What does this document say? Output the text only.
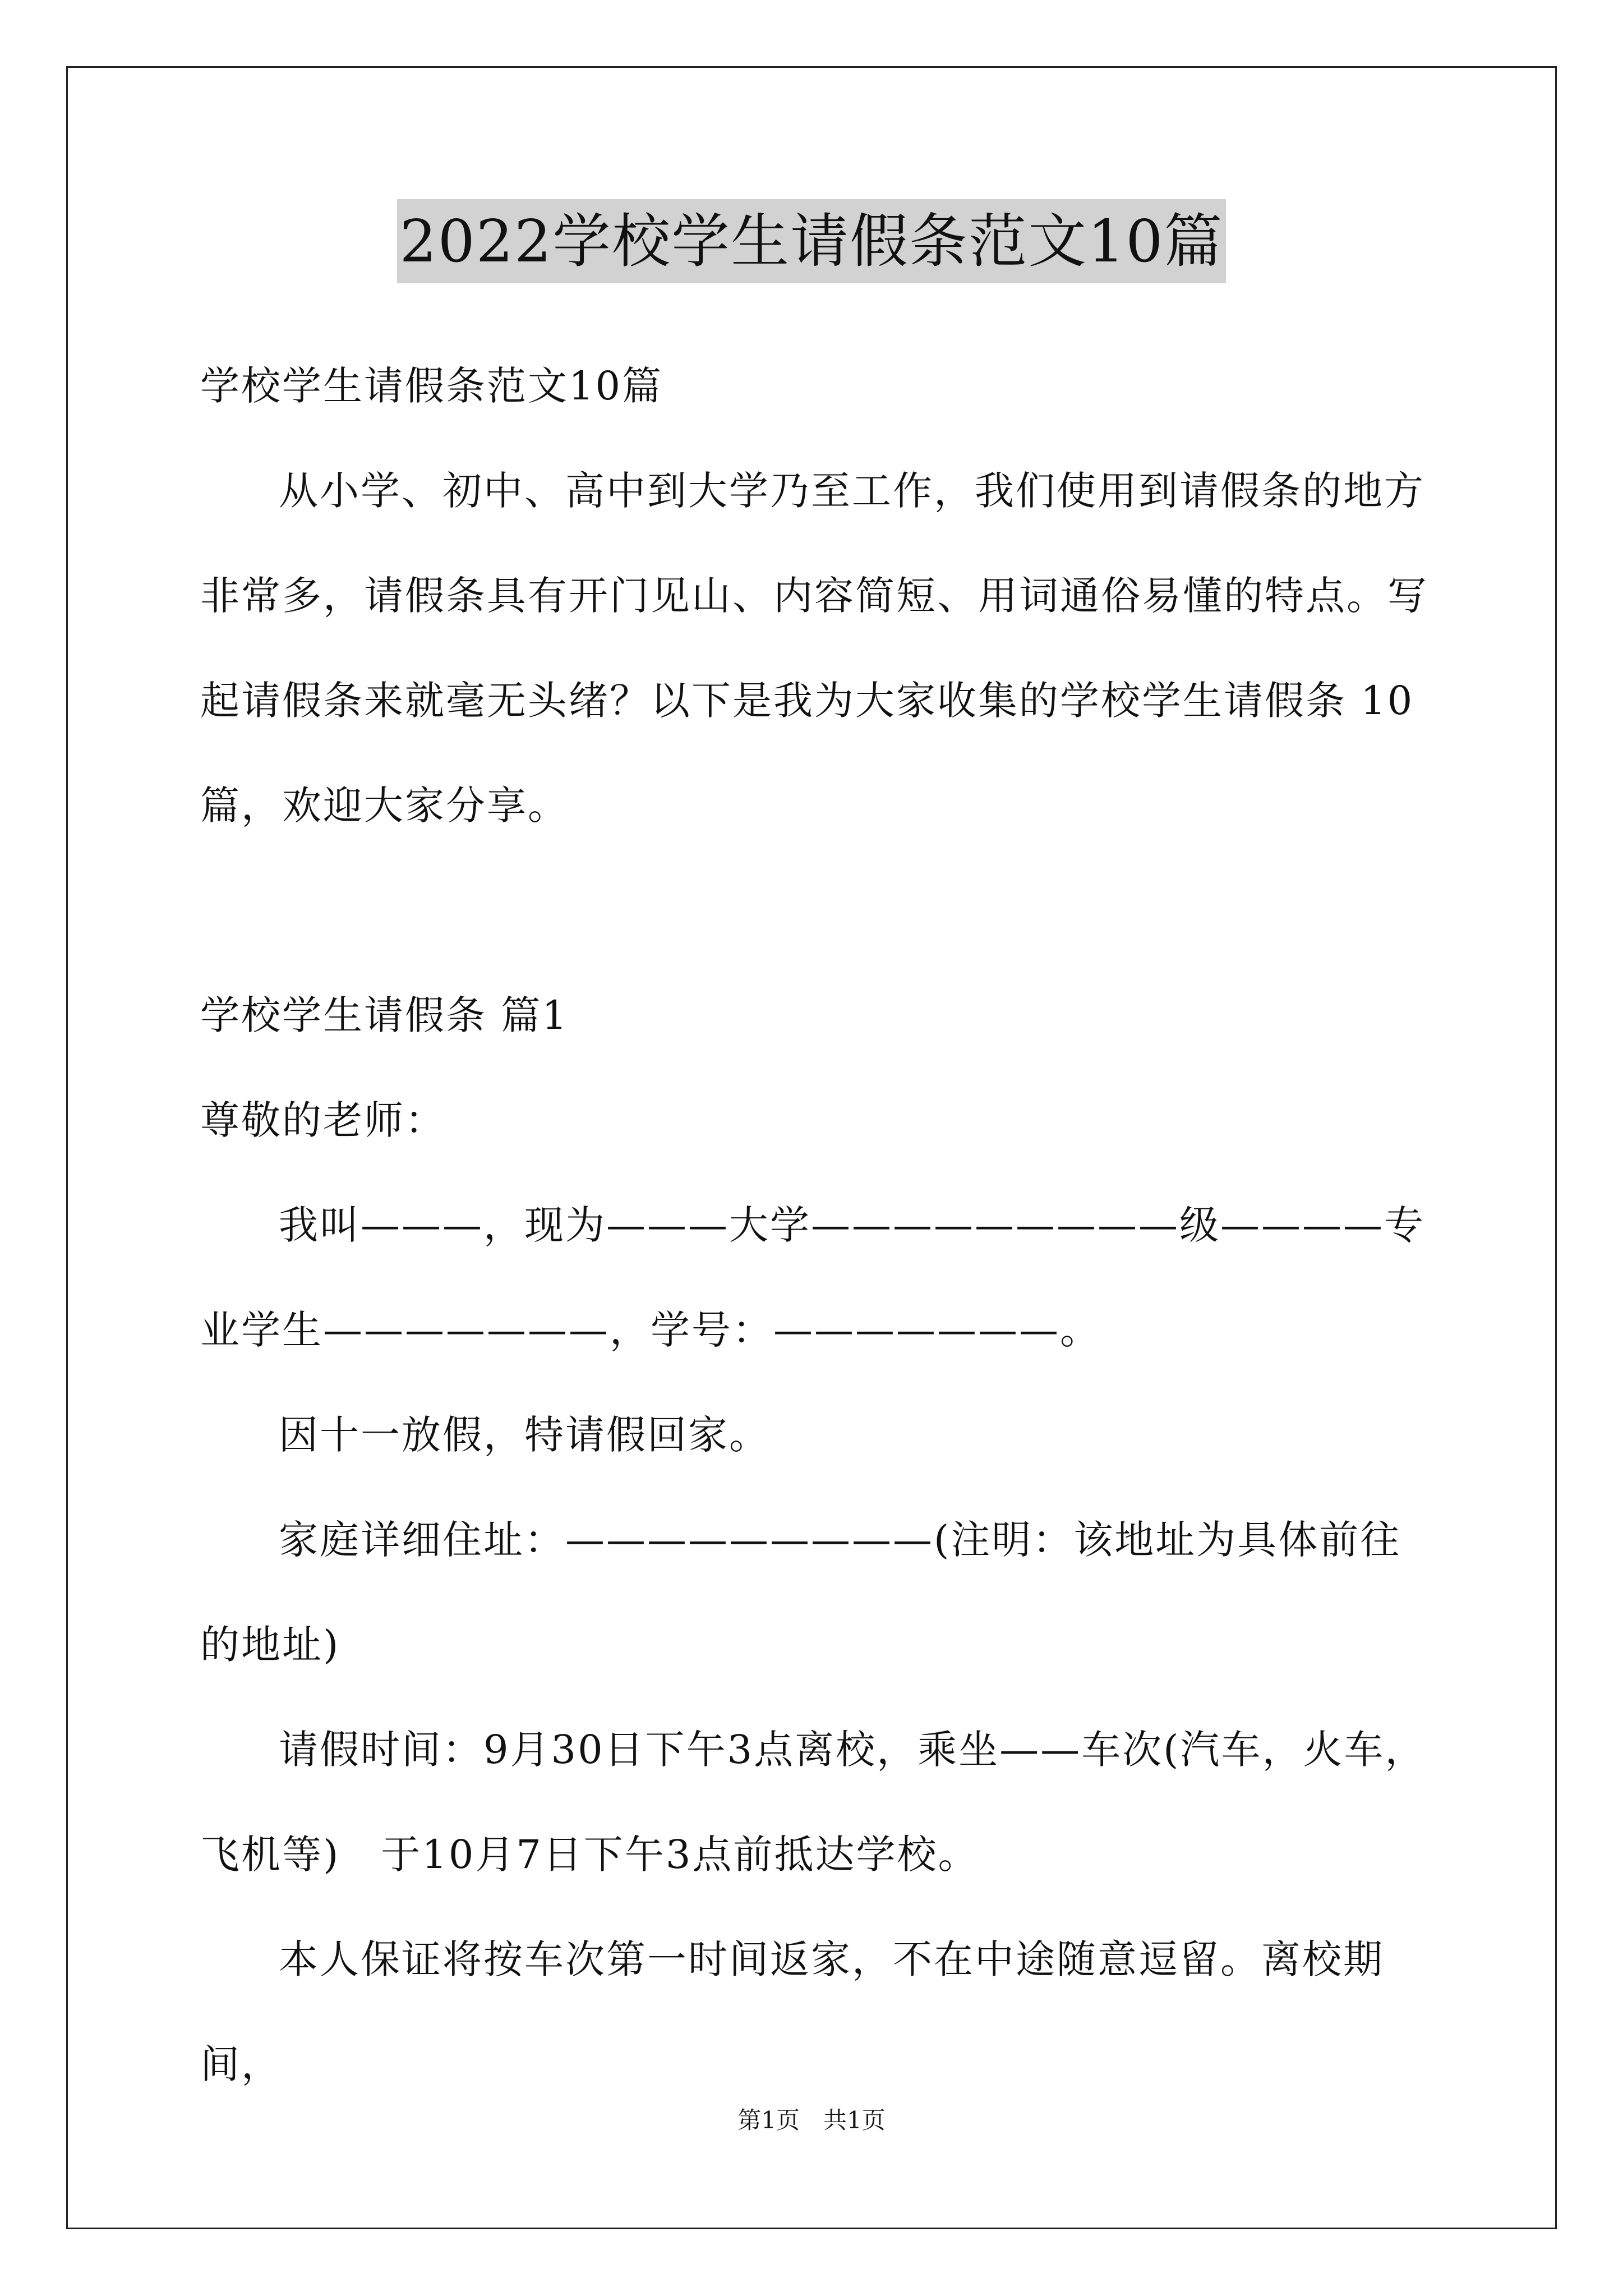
2022学校学生请假条范文10篇

学校学生请假条范文10篇

从小学、初中、高中到大学乃至工作，我们使用到请假条的地方非常多，请假条具有开门见山、内容简短、用词通俗易懂的特点。写起请假条来就毫无头绪？以下是我为大家收集的学校学生请假条 10篇，欢迎大家分享。

学校学生请假条 篇1

尊敬的老师：

我叫———，现为———大学—————————级————专业学生———————，学号：———————。

因十一放假，特请假回家。

家庭详细住址：—————————(注明：该地址为具体前往的地址)

请假时间：9月30日下午3点离校，乘坐——车次(汽车，火车，飞机等)　于10月7日下午3点前抵达学校。

本人保证将按车次第一时间返家，不在中途随意逗留。离校期间，

第1页　共1页
